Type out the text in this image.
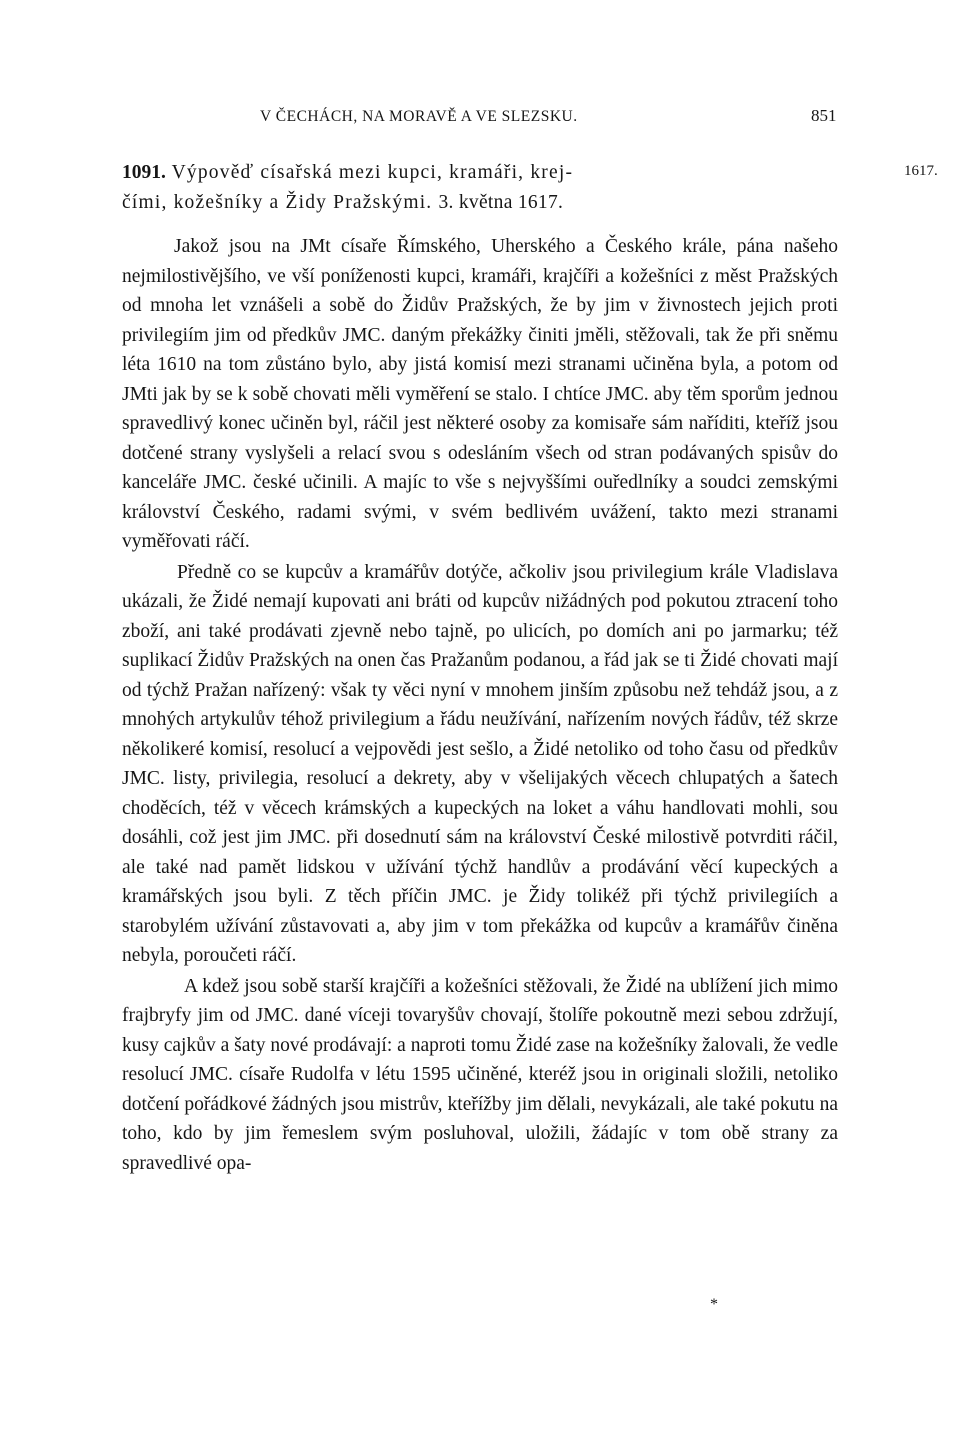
V ČECHÁCH, NA MORAVĚ A VE SLEZSKU.	851
1617.
1091. Výpověď císařská mezi kupci, kramáři, krej-
čími, kožešníky a Židy Pražskými. 3. května 1617.

Jakož jsou na JMt císaře Římského, Uherského a Českého krále, pána našeho nejmilostivějšího, ve vší poníženosti kupci, kramáři, krajčíři a kožešníci z měst Pražských od mnoha let vznášeli a sobě do Židův Pražských, že by jim v živnostech jejich proti privilegiím jim od předkův JMC. daným překážky činiti jměli, stěžovali, tak že při sněmu léta 1610 na tom zůstáno bylo, aby jistá komisí mezi stranami učiněna byla, a potom od JMti jak by se k sobě chovati měli vyměření se stalo. I chtíce JMC. aby těm sporům jednou spravedlivý konec učiněn byl, ráčil jest některé osoby za komisaře sám naříditi, kteříž jsou dotčené strany vyslyšeli a relací svou s odesláním všech od stran podávaných spisův do kanceláře JMC. české učinili. A majíc to vše s nejvyššími ouředlníky a soudci zemskými království Českého, radami svými, v svém bedlivém uvážení, takto mezi stranami vyměřovati ráčí.

Předně co se kupcův a kramářův dotýče, ačkoliv jsou privilegium krále Vladislava ukázali, že Židé nemají kupovati ani bráti od kupcův nižádných pod pokutou ztracení toho zboží, ani také prodávati zjevně nebo tajně, po ulicích, po domích ani po jarmarku; též suplikací Židův Pražských na onen čas Pražanům podanou, a řád jak se ti Židé chovati mají od týchž Pražan nařízený: však ty věci nyní v mnohem jinším způsobu než tehdáž jsou, a z mnohých artykulův téhož privilegium a řádu neužívání, nařízením nových řádův, též skrze několikeré komisí, resolucí a vejpovědi jest sešlo, a Židé netoliko od toho času od předkův JMC. listy, privilegia, resolucí a dekrety, aby v všelijakých věcech chlupatých a šatech choděcích, též v věcech krámských a kupeckých na loket a váhu handlovati mohli, sou dosáhli, což jest jim JMC. při dosednutí sám na království České milostivě potvrditi ráčil, ale také nad pamět lidskou v užívání týchž handlův a prodávání věcí kupeckých a kramářských jsou byli. Z těch příčin JMC. je Židy tolikéž při týchž privilegiích a starobylém užívání zůstavovati a, aby jim v tom překážka od kupcův a kramářův činěna nebyla, poroučeti ráčí.

A kdež jsou sobě starší krajčíři a kožešníci stěžovali, že Židé na ublížení jich mimo frajbryfy jim od JMC. dané víceji tovaryšův chovají, štolíře pokoutně mezi sebou zdržují, kusy cajkův a šaty nové prodávají: a naproti tomu Židé zase na kožešníky žalovali, že vedle resolucí JMC. císaře Rudolfa v létu 1595 učiněné, kteréž jsou in originali složili, netoliko dotčení pořádkové žádných jsou mistrův, kteřížby jim dělali, nevykázali, ale také pokutu na toho, kdo by jim řemeslem svým posluhoval, uložili, žádajíc v tom obě strany za spravedlivé opa-

*
